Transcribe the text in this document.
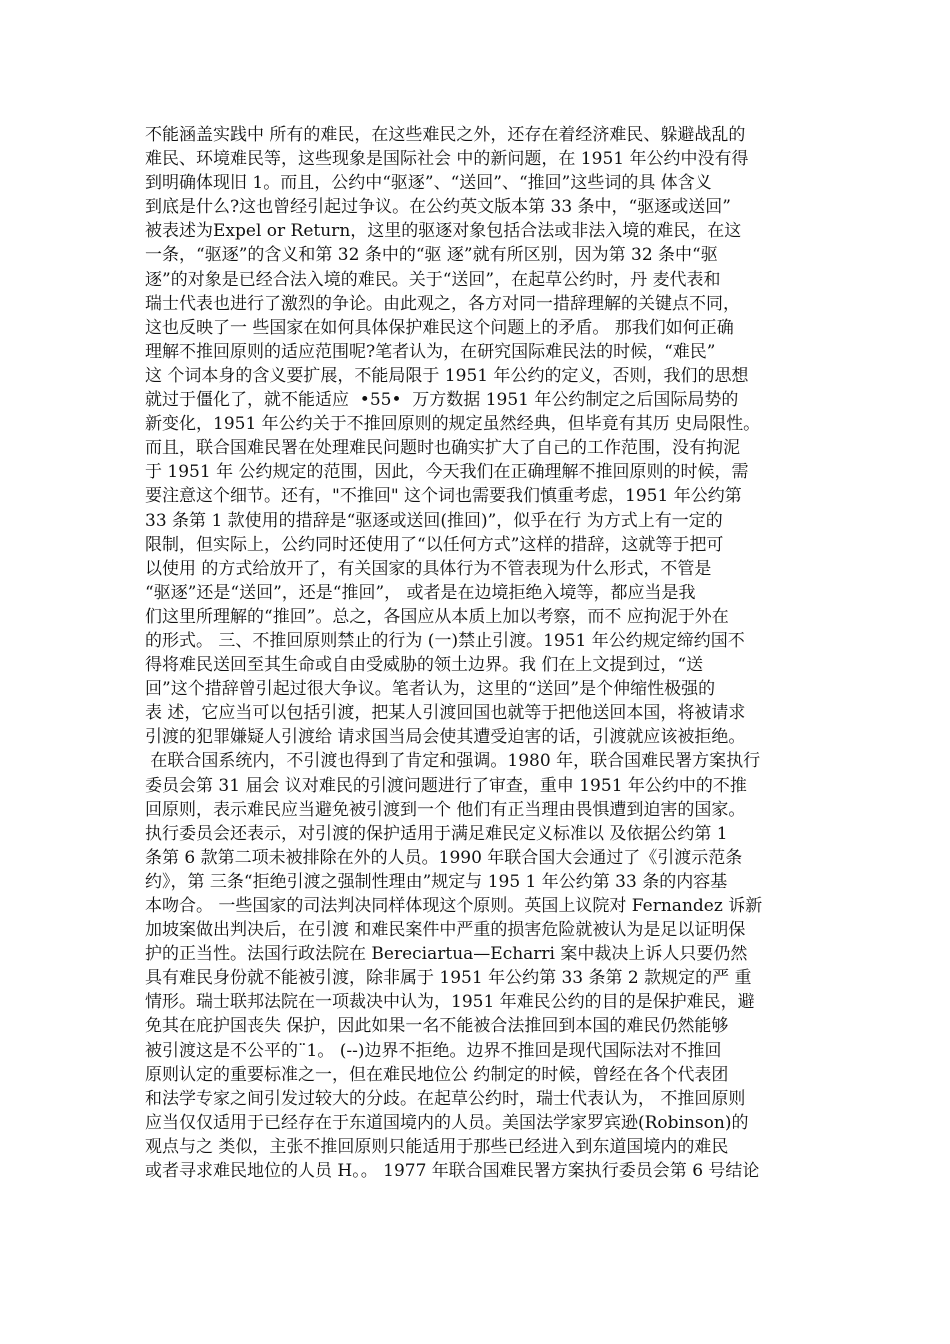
不能涵盖实践中 所有的难民，在这些难民之外，还存在着经济难民、躲避战乱的
难民、环境难民等，这些现象是国际社会 中的新问题，在 1951 年公约中没有得
到明确体现旧 1。而且，公约中“驱逐”、“送回”、“推回”这些词的具 体含义
到底是什么?这也曾经引起过争议。在公约英文版本第 33 条中，“驱逐或送回”
被表述为Expel or Return，这里的驱逐对象包括合法或非法入境的难民，在这
一条，“驱逐”的含义和第 32 条中的“驱 逐”就有所区别，因为第 32 条中“驱
逐”的对象是已经合法入境的难民。关于“送回”，在起草公约时，丹 麦代表和
瑞士代表也进行了激烈的争论。由此观之，各方对同一措辞理解的关键点不同，
这也反映了一 些国家在如何具体保护难民这个问题上的矛盾。 那我们如何正确
理解不推回原则的适应范围呢?笔者认为，在研究国际难民法的时候，“难民”
这 个词本身的含义要扩展，不能局限于 1951 年公约的定义，否则，我们的思想
就过于僵化了，就不能适应  •55•  万方数据 1951 年公约制定之后国际局势的
新变化，1951 年公约关于不推回原则的规定虽然经典，但毕竟有其历 史局限性。
而且，联合国难民署在处理难民问题时也确实扩大了自己的工作范围，没有拘泥
于 1951 年 公约规定的范围，因此，今天我们在正确理解不推回原则的时候，需
要注意这个细节。还有，"不推回" 这个词也需要我们慎重考虑，1951 年公约第
33 条第 1 款使用的措辞是“驱逐或送回(推回)”，似乎在行 为方式上有一定的
限制，但实际上，公约同时还使用了“以任何方式”这样的措辞，这就等于把可
以使用 的方式给放开了，有关国家的具体行为不管表现为什么形式，不管是
“驱逐”还是“送回”，还是“推回”， 或者是在边境拒绝入境等，都应当是我
们这里所理解的“推回”。总之，各国应从本质上加以考察，而不 应拘泥于外在
的形式。 三、不推回原则禁止的行为 (一)禁止引渡。1951 年公约规定缔约国不
得将难民送回至其生命或自由受威胁的领土边界。我 们在上文提到过，“送
回”这个措辞曾引起过很大争议。笔者认为，这里的“送回”是个伸缩性极强的
表 述，它应当可以包括引渡，把某人引渡回国也就等于把他送回本国，将被请求
引渡的犯罪嫌疑人引渡给 请求国当局会使其遭受迫害的话，引渡就应该被拒绝。
在联合国系统内，不引渡也得到了肯定和强调。1980 年，联合国难民署方案执行
委员会第 31 届会 议对难民的引渡问题进行了审查，重申 1951 年公约中的不推
回原则，表示难民应当避免被引渡到一个 他们有正当理由畏惧遭到迫害的国家。
执行委员会还表示，对引渡的保护适用于满足难民定义标准以 及依据公约第 1
条第 6 款第二项未被排除在外的人员。1990 年联合国大会通过了《引渡示范条
约》，第 三条“拒绝引渡之强制性理由”规定与 195 1 年公约第 33 条的内容基
本吻合。 一些国家的司法判决同样体现这个原则。英国上议院对 Fernandez 诉新
加坡案做出判决后，在引渡 和难民案件中严重的损害危险就被认为是足以证明保
护的正当性。法国行政法院在 Bereciartua—Echarri 案中裁决上诉人只要仍然
具有难民身份就不能被引渡，除非属于 1951 年公约第 33 条第 2 款规定的严 重
情形。瑞士联邦法院在一项裁决中认为，1951 年难民公约的目的是保护难民，避
免其在庇护国丧失 保护，因此如果一名不能被合法推回到本国的难民仍然能够
被引渡这是不公平的¨1。 (--)边界不拒绝。边界不推回是现代国际法对不推回
原则认定的重要标准之一，但在难民地位公 约制定的时候，曾经在各个代表团
和法学专家之间引发过较大的分歧。在起草公约时，瑞士代表认为， 不推回原则
应当仅仅适用于已经存在于东道国境内的人员。美国法学家罗宾逊(Robinson)的
观点与之 类似，主张不推回原则只能适用于那些已经进入到东道国境内的难民
或者寻求难民地位的人员 H。。 1977 年联合国难民署方案执行委员会第 6 号结论
